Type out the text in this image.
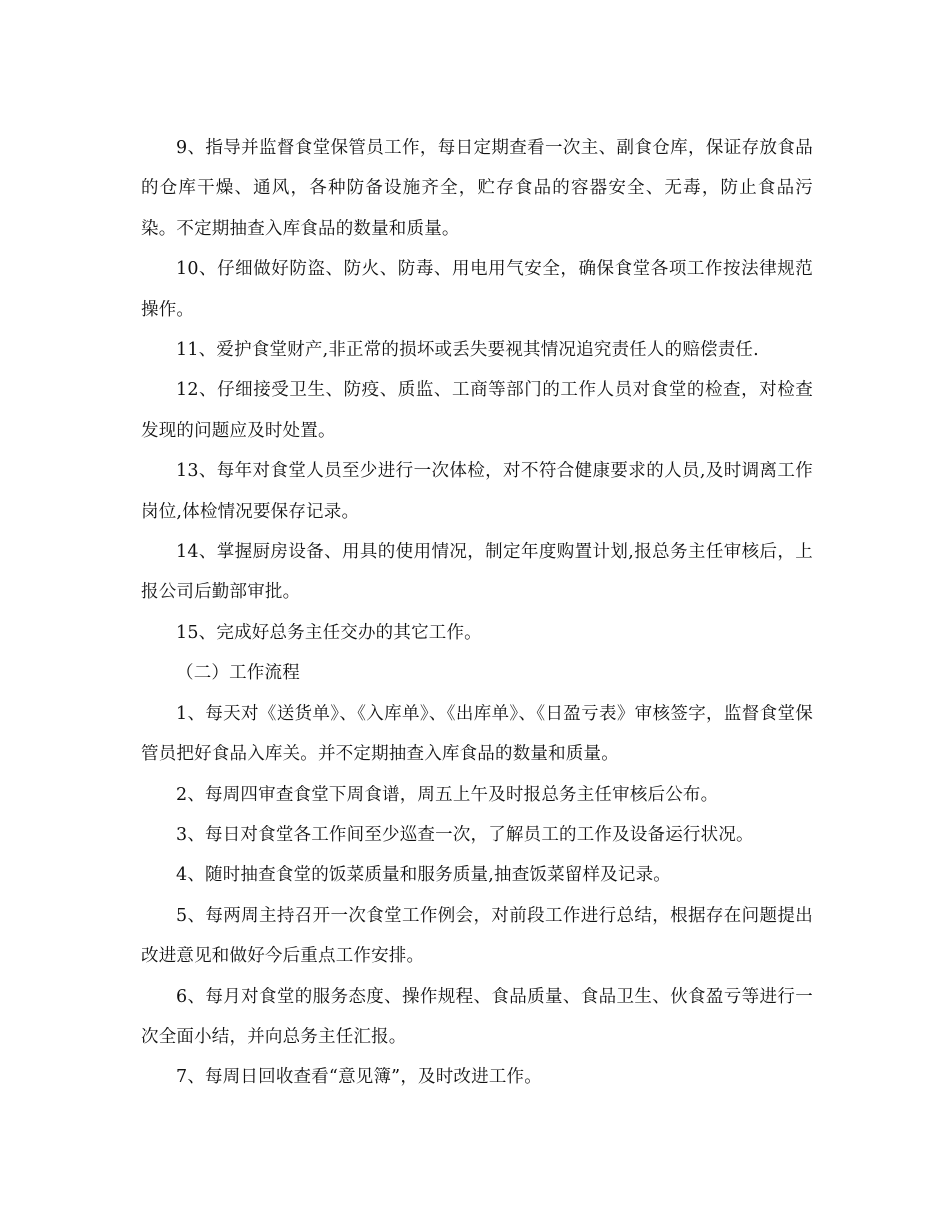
9、指导并监督食堂保管员工作，每日定期查看一次主、副食仓库，保证存放食品的仓库干燥、通风，各种防备设施齐全，贮存食品的容器安全、无毒，防止食品污染。不定期抽查入库食品的数量和质量。

10、仔细做好防盗、防火、防毒、用电用气安全，确保食堂各项工作按法律规范操作。

11、爱护食堂财产,非正常的损坏或丢失要视其情况追究责任人的赔偿责任.

12、仔细接受卫生、防疫、质监、工商等部门的工作人员对食堂的检查，对检查发现的问题应及时处置。

13、每年对食堂人员至少进行一次体检，对不符合健康要求的人员,及时调离工作岗位,体检情况要保存记录。

14、掌握厨房设备、用具的使用情况，制定年度购置计划,报总务主任审核后，上报公司后勤部审批。

15、完成好总务主任交办的其它工作。

（二）工作流程

1、每天对《送货单》、《入库单》、《出库单》、《日盈亏表》审核签字，监督食堂保管员把好食品入库关。并不定期抽查入库食品的数量和质量。

2、每周四审查食堂下周食谱，周五上午及时报总务主任审核后公布。

3、每日对食堂各工作间至少巡查一次，了解员工的工作及设备运行状况。

4、随时抽查食堂的饭菜质量和服务质量,抽查饭菜留样及记录。

5、每两周主持召开一次食堂工作例会，对前段工作进行总结，根据存在问题提出改进意见和做好今后重点工作安排。

6、每月对食堂的服务态度、操作规程、食品质量、食品卫生、伙食盈亏等进行一次全面小结，并向总务主任汇报。

7、每周日回收查看“意见簿”，及时改进工作。
